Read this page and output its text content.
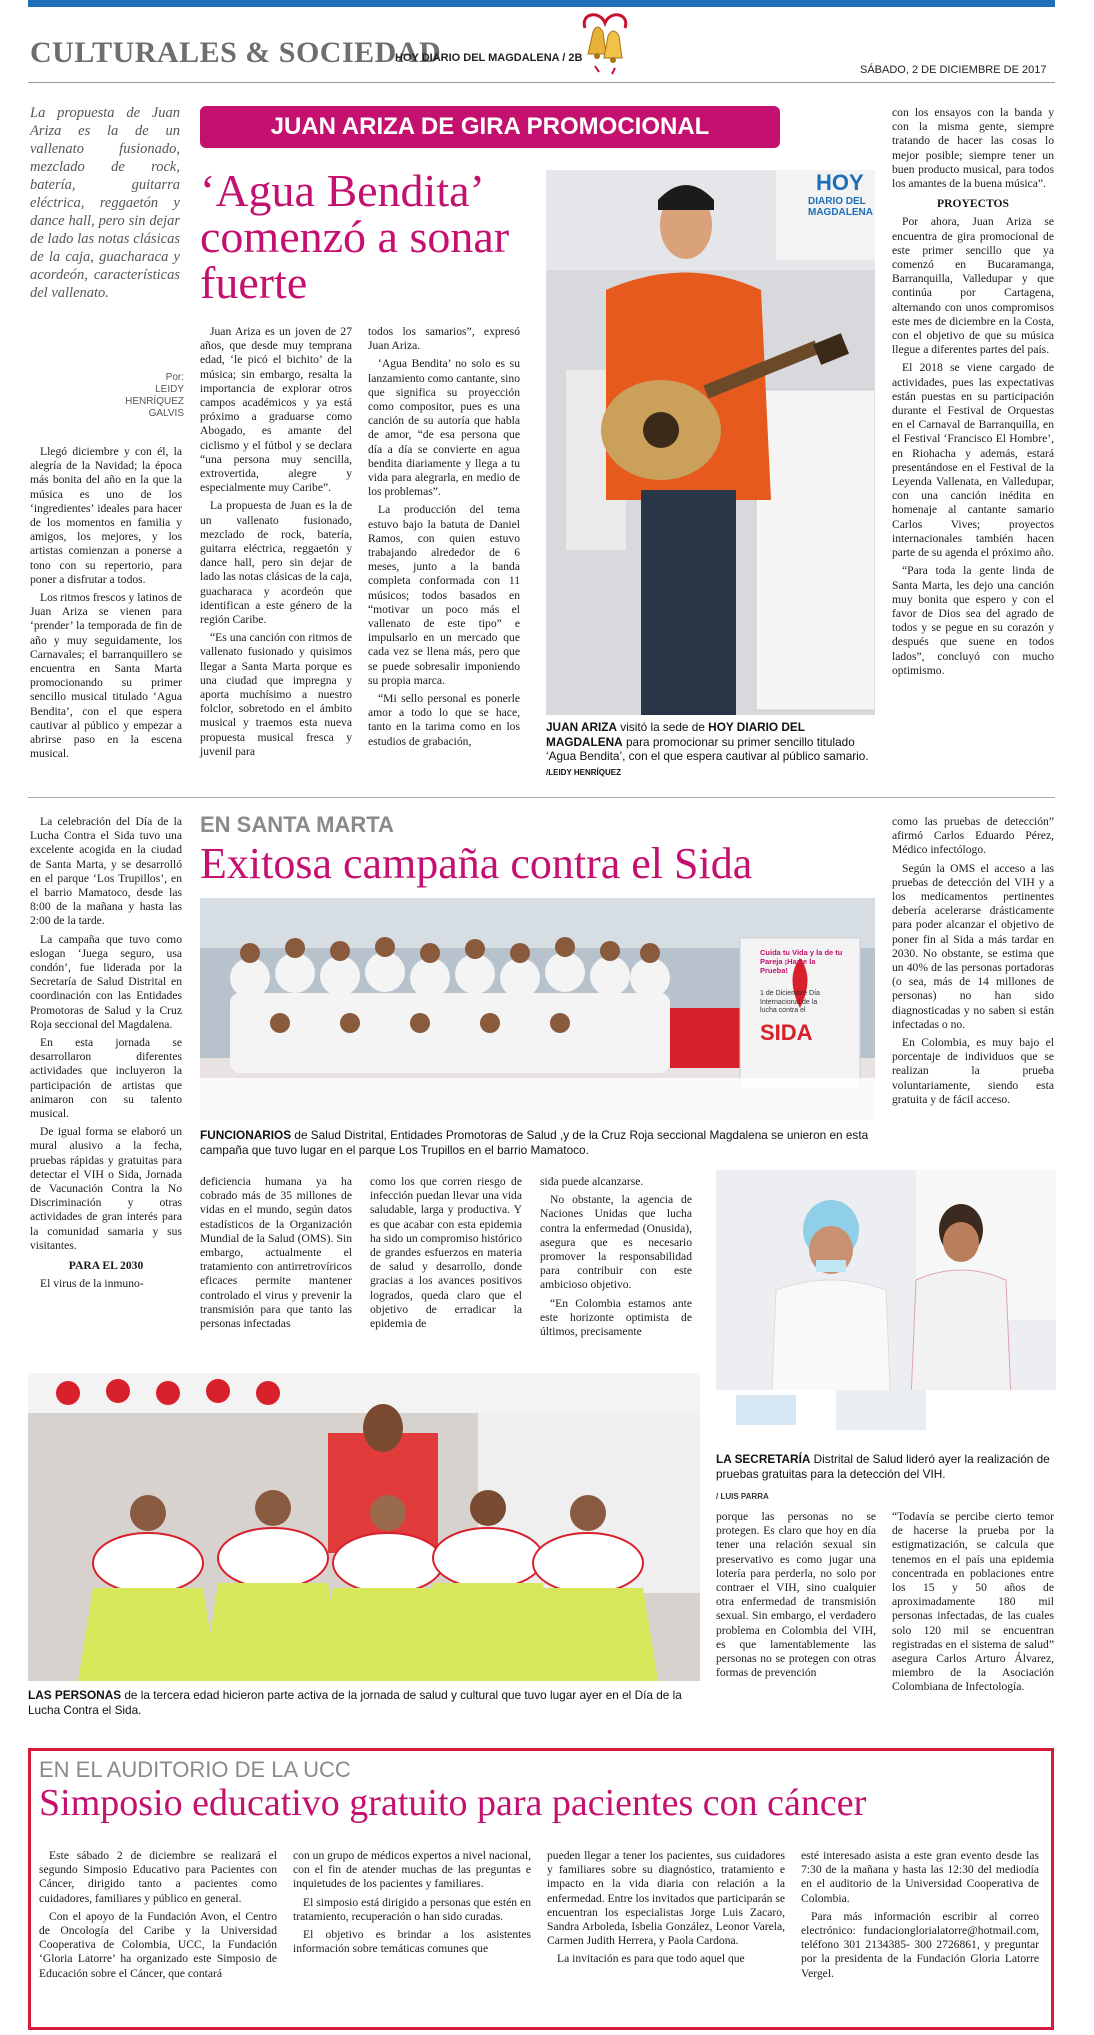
CULTURALES & SOCIEDAD
HOY DIARIO DEL MAGDALENA / 2B
SÁBADO, 2 DE DICIEMBRE DE 2017
La propuesta de Juan Ariza es la de un vallenato fusionado, mezclado de rock, batería, guitarra eléctrica, reggaetón y dance hall, pero sin dejar de lado las notas clásicas de la caja, guacharaca y acordeón, características del vallenato.
Por:
LEIDY HENRÍQUEZ GALVIS
JUAN ARIZA DE GIRA PROMOCIONAL
‘Agua Bendita’ comenzó a sonar fuerte

Llegó diciembre y con él, la alegría de la Navidad; la época más bonita del año en la que la música es uno de los ‘ingredientes’ ideales para hacer de los momentos en familia y amigos, los mejores, y los artistas comienzan a ponerse a tono con su repertorio, para poner a disfrutar a todos.

Los ritmos frescos y latinos de Juan Ariza se vienen para ‘prender’ la temporada de fin de año y muy seguidamente, los Carnavales; el barranquillero se encuentra en Santa Marta promocionando su primer sencillo musical titulado ‘Agua Bendita’, con el que espera cautivar al público y empezar a abrirse paso en la escena musical.

Juan Ariza es un joven de 27 años, que desde muy temprana edad, ‘le picó el bichito’ de la música; sin embargo, resalta la importancia de explorar otros campos académicos y ya está próximo a graduarse como Abogado, es amante del ciclismo y el fútbol y se declara “una persona muy sencilla, extrovertida, alegre y especialmente muy Caribe”.

La propuesta de Juan es la de un vallenato fusionado, mezclado de rock, batería, guitarra eléctrica, reggaetón y dance hall, pero sin dejar de lado las notas clásicas de la caja, guacharaca y acordeón que identifican a este género de la región Caribe.

“Es una canción con ritmos de vallenato fusionado y quisimos llegar a Santa Marta porque es una ciudad que impregna y aporta muchísimo a nuestro folclor, sobretodo en el ámbito musical y traemos esta nueva propuesta musical fresca y juvenil para

todos los samarios”, expresó Juan Ariza.

‘Agua Bendita’ no solo es su lanzamiento como cantante, sino que significa su proyección como compositor, pues es una canción de su autoría que habla de amor, “de esa persona que día a día se convierte en agua bendita diariamente y llega a tu vida para alegrarla, en medio de los problemas”.

La producción del tema estuvo bajo la batuta de Daniel Ramos, con quien estuvo trabajando alrededor de 6 meses, junto a la banda completa conformada con 11 músicos; todos basados en “motivar un poco más el vallenato de este tipo” e impulsarlo en un mercado que cada vez se llena más, pero que se puede sobresalir imponiendo su propia marca.

“Mi sello personal es ponerle amor a todo lo que se hace, tanto en la tarima como en los estudios de grabación,

HOY
DIARIO DEL MAGDALENA
JUAN ARIZA visitó la sede de HOY DIARIO DEL MAGDALENA para promocionar su primer sencillo titulado ‘Agua Bendita’, con el que espera cautivar al público samario. /LEIDY HENRÍQUEZ

con los ensayos con la banda y con la misma gente, siempre tratando de hacer las cosas lo mejor posible; siempre tener un buen producto musical, para todos los amantes de la buena música”.

PROYECTOS

Por ahora, Juan Ariza se encuentra de gira promocional de este primer sencillo que ya comenzó en Bucaramanga, Barranquilla, Valledupar y que continúa por Cartagena, alternando con unos compromisos este mes de diciembre en la Costa, con el objetivo de que su música llegue a diferentes partes del país.

El 2018 se viene cargado de actividades, pues las expectativas están puestas en su participación durante el Festival de Orquestas en el Carnaval de Barranquilla, en el Festival ‘Francisco El Hombre’, en Riohacha y además, estará presentándose en el Festival de la Leyenda Vallenata, en Valledupar, con una canción inédita en homenaje al cantante samario Carlos Vives; proyectos internacionales también hacen parte de su agenda el próximo año.

“Para toda la gente linda de Santa Marta, les dejo una canción muy bonita que espero y con el favor de Dios sea del agrado de todos y se pegue en su corazón y después que suene en todos lados”, concluyó con mucho optimismo.

La celebración del Día de la Lucha Contra el Sida tuvo una excelente acogida en la ciudad de Santa Marta, y se desarrolló en el parque ‘Los Trupillos’, en el barrio Mamatoco, desde las 8:00 de la mañana y hasta las 2:00 de la tarde.

La campaña que tuvo como eslogan ‘Juega seguro, usa condón’, fue liderada por la Secretaría de Salud Distrital en coordinación con las Entidades Promotoras de Salud y la Cruz Roja seccional del Magdalena.

En esta jornada se desarrollaron diferentes actividades que incluyeron la participación de artistas que animaron con su talento musical.

De igual forma se elaboró un mural alusivo a la fecha, pruebas rápidas y gratuitas para detectar el VIH o Sida, Jornada de Vacunación Contra la No Discriminación y otras actividades de gran interés para la comunidad samaria y sus visitantes.

PARA EL 2030

El virus de la inmuno-

EN SANTA MARTA
Exitosa campaña contra el Sida
Cuida tu Vida y la de tu Pareja ¡Hazte la Prueba!
1 de Diciembre Día Internacional de la lucha contra el
SIDA
FUNCIONARIOS de Salud Distrital, Entidades Promotoras de Salud ,y de la Cruz Roja seccional Magdalena se unieron en esta campaña que tuvo lugar en el parque Los Trupillos en el barrio Mamatoco.

como las pruebas de detección” afirmó Carlos Eduardo Pérez, Médico infectólogo.

Según la OMS el acceso a las pruebas de detección del VIH y a los medicamentos pertinentes debería acelerarse drásticamente para poder alcanzar el objetivo de poner fin al Sida a más tardar en 2030. No obstante, se estima que un 40% de las personas portadoras (o sea, más de 14 millones de personas) no han sido diagnosticadas y no saben si están infectadas o no.

En Colombia, es muy bajo el porcentaje de individuos que se realizan la prueba voluntariamente, siendo esta gratuita y de fácil acceso.

deficiencia humana ya ha cobrado más de 35 millones de vidas en el mundo, según datos estadísticos de la Organización Mundial de la Salud (OMS). Sin embargo, actualmente el tratamiento con antirretrovíricos eficaces permite mantener controlado el virus y prevenir la transmisión para que tanto las personas infectadas

como los que corren riesgo de infección puedan llevar una vida saludable, larga y productiva. Y es que acabar con esta epidemia ha sido un compromiso histórico de grandes esfuerzos en materia de salud y desarrollo, donde gracias a los avances positivos logrados, queda claro que el objetivo de erradicar la epidemia de

sida puede alcanzarse.

No obstante, la agencia de Naciones Unidas que lucha contra la enfermedad (Onusida), asegura que es necesario promover la responsabilidad para contribuir con este ambicioso objetivo.

“En Colombia estamos ante este horizonte optimista de últimos, precisamente

LA SECRETARÍA Distrital de Salud lideró ayer la realización de pruebas gratuitas para la detección del VIH.
/ LUIS PARRA
LAS PERSONAS de la tercera edad hicieron parte activa de la jornada de salud y cultural que tuvo lugar ayer en el Día de la Lucha Contra el Sida.

porque las personas no se protegen. Es claro que hoy en día tener una relación sexual sin preservativo es como jugar una lotería para perderla, no solo por contraer el VIH, sino cualquier otra enfermedad de transmisión sexual. Sin embargo, el verdadero problema en Colombia del VIH, es que lamentablemente las personas no se protegen con otras formas de prevención

“Todavía se percibe cierto temor de hacerse la prueba por la estigmatización, se calcula que tenemos en el país una epidemia concentrada en poblaciones entre los 15 y 50 años de aproximadamente 180 mil personas infectadas, de las cuales solo 120 mil se encuentran registradas en el sistema de salud” asegura Carlos Arturo Álvarez, miembro de la Asociación Colombiana de Infectología.

EN EL AUDITORIO DE LA UCC
Simposio educativo gratuito para pacientes con cáncer

Este sábado 2 de diciembre se realizará el segundo Simposio Educativo para Pacientes con Cáncer, dirigido tanto a pacientes como cuidadores, familiares y público en general.

Con el apoyo de la Fundación Avon, el Centro de Oncología del Caribe y la Universidad Cooperativa de Colombia, UCC, la Fundación ‘Gloria Latorre’ ha organizado este Simposio de Educación sobre el Cáncer, que contará

con un grupo de médicos expertos a nivel nacional, con el fin de atender muchas de las preguntas e inquietudes de los pacientes y familiares.

El simposio está dirigido a personas que estén en tratamiento, recuperación o han sido curadas.

El objetivo es brindar a los asistentes información sobre temáticas comunes que

pueden llegar a tener los pacientes, sus cuidadores y familiares sobre su diagnóstico, tratamiento e impacto en la vida diaria con relación a la enfermedad. Entre los invitados que participarán se encuentran los especialistas Jorge Luis Zacaro, Sandra Arboleda, Isbelia González, Leonor Varela, Carmen Judith Herrera, y Paola Cardona.

La invitación es para que todo aquel que

esté interesado asista a este gran evento desde las 7:30 de la mañana y hasta las 12:30 del mediodía en el auditorio de la Universidad Cooperativa de Colombia.

Para más información escribir al correo electrónico: fundacionglorialatorre@hotmail.com, teléfono 301 2134385- 300 2726861, y preguntar por la presidenta de la Fundación Gloria Latorre Vergel.
